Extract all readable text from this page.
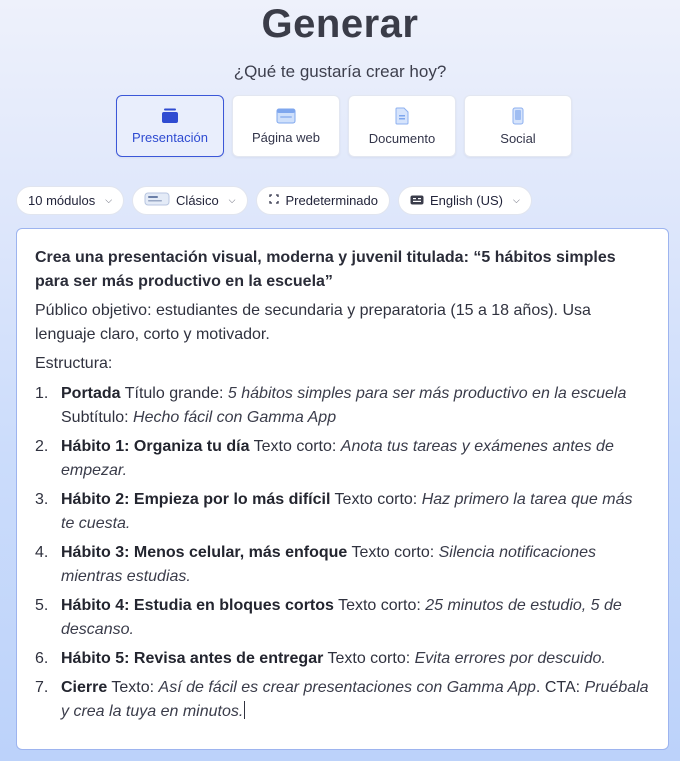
Generar
¿Qué te gustaría crear hoy?
Presentación	Página web	Documento	Social
10 módulos ⌵	Clásico ⌵	Predeterminado	English (US) ⌵

Crea una presentación visual, moderna y juvenil titulada: “5 hábitos simples para ser más productivo en la escuela”

Público objetivo: estudiantes de secundaria y preparatoria (15 a 18 años). Usa lenguaje claro, corto y motivador.

Estructura:

1. Portada Título grande: 5 hábitos simples para ser más productivo en la escuela Subtítulo: Hecho fácil con Gamma App
2. Hábito 1: Organiza tu día Texto corto: Anota tus tareas y exámenes antes de empezar.
3. Hábito 2: Empieza por lo más difícil Texto corto: Haz primero la tarea que más te cuesta.
4. Hábito 3: Menos celular, más enfoque Texto corto: Silencia notificaciones mientras estudias.
5. Hábito 4: Estudia en bloques cortos Texto corto: 25 minutos de estudio, 5 de descanso.
6. Hábito 5: Revisa antes de entregar Texto corto: Evita errores por descuido.
7. Cierre Texto: Así de fácil es crear presentaciones con Gamma App. CTA: Pruébala y crea la tuya en minutos.
